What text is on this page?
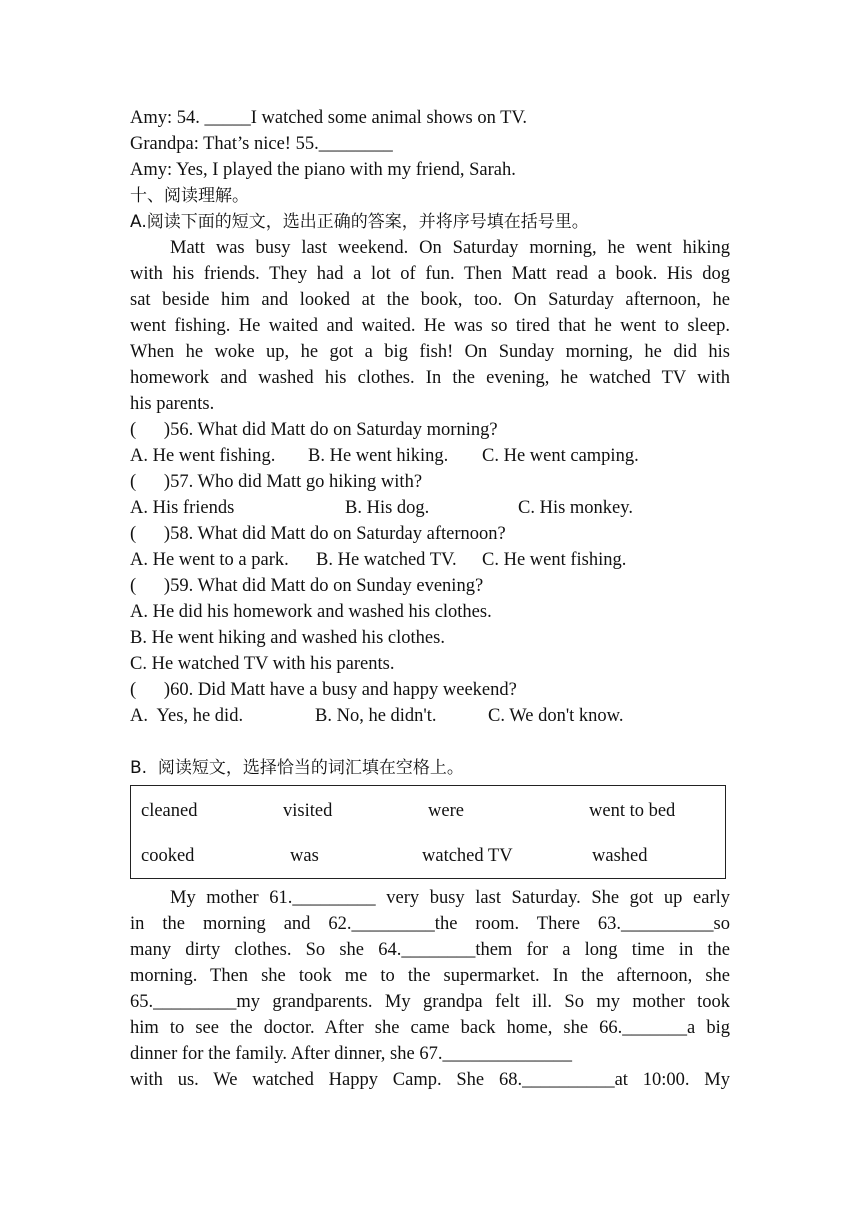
Amy: 54. _____I watched some animal shows on TV.
Grandpa: That’s nice! 55.________
Amy: Yes, I played the piano with my friend, Sarah.
十、阅读理解。
A.阅读下面的短文，选出正确的答案，并将序号填在括号里。
Matt was busy last weekend. On Saturday morning, he went hiking
with his friends. They had a lot of fun. Then Matt read a book. His dog
sat beside him and looked at the book, too. On Saturday afternoon, he
went fishing. He waited and waited. He was so tired that he went to sleep.
When he woke up, he got a big fish! On Sunday morning, he did his
homework and washed his clothes. In the evening, he watched TV with
his parents.
(      )56. What did Matt do on Saturday morning?
A. He went fishing.	B. He went hiking.	C. He went camping.
(      )57. Who did Matt go hiking with?
A. His friends	B. His dog.	C. His monkey.
(      )58. What did Matt do on Saturday afternoon?
A. He went to a park.	B. He watched TV.	C. He went fishing.
(      )59. What did Matt do on Sunday evening?
A. He did his homework and washed his clothes.
B. He went hiking and washed his clothes.
C. He watched TV with his parents.
(      )60. Did Matt have a busy and happy weekend?
A.  Yes, he did.	B. No, he didn't.	C. We don't know.
B.  阅读短文，选择恰当的词汇填在空格上。
cleaned	visited	were	went to bed
cooked	was	watched TV	washed
My mother 61._________ very busy last Saturday. She got up early
in the morning and 62._________the room. There 63.__________so
many dirty clothes. So she 64.________them for a long time in the
morning. Then she took me to the supermarket. In the afternoon, she
65._________my grandparents. My grandpa felt ill. So my mother took
him to see the doctor. After she came back home, she 66._______a big
dinner for the family. After dinner, she 67.______________
with us. We watched Happy Camp. She 68.__________at 10:00. My
